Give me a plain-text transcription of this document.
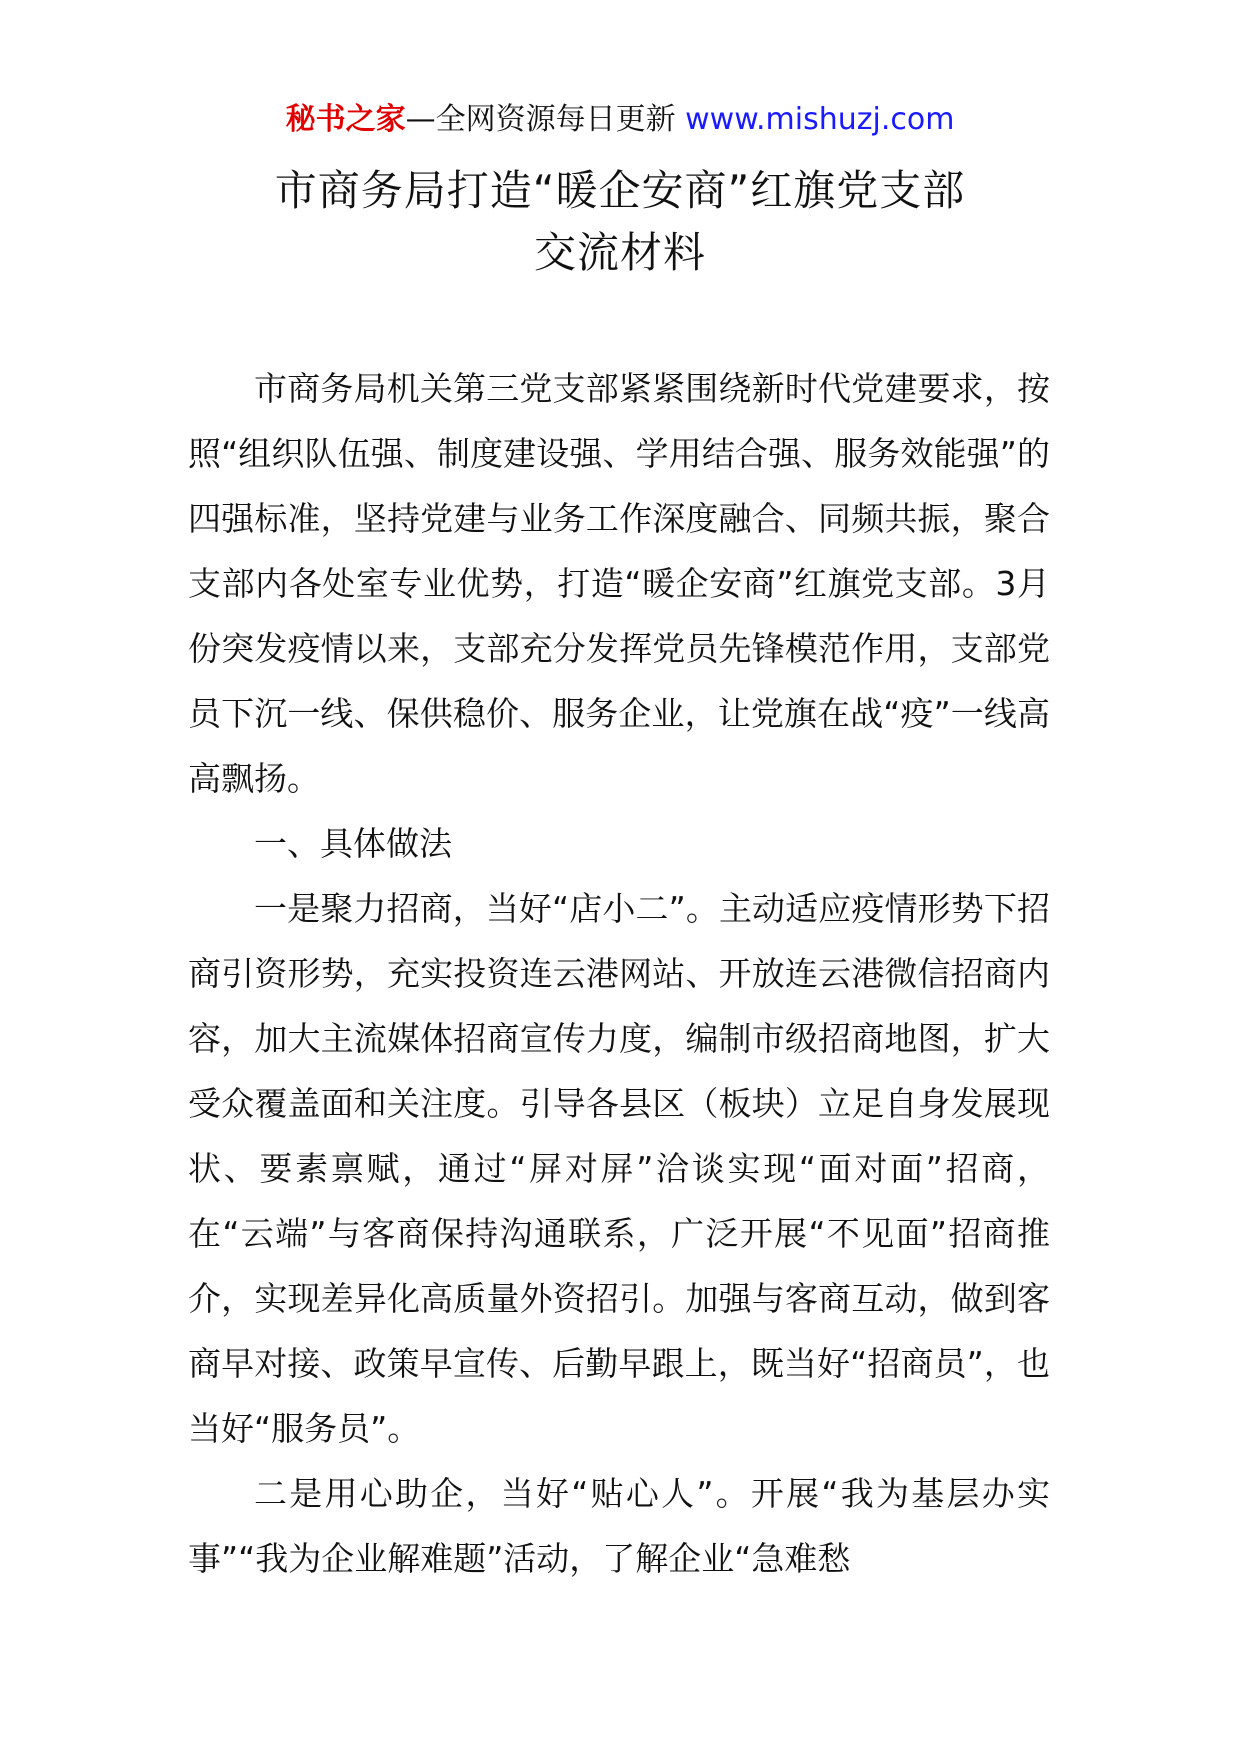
秘书之家—全网资源每日更新 www.mishuzj.com
市商务局打造“暖企安商”红旗党支部
交流材料

市商务局机关第三党支部紧紧围绕新时代党建要求，按照“组织队伍强、制度建设强、学用结合强、服务效能强”的四强标准，坚持党建与业务工作深度融合、同频共振，聚合支部内各处室专业优势，打造“暖企安商”红旗党支部。3月份突发疫情以来，支部充分发挥党员先锋模范作用，支部党员下沉一线、保供稳价、服务企业，让党旗在战“疫”一线高高飘扬。

一、具体做法

一是聚力招商，当好“店小二”。主动适应疫情形势下招商引资形势，充实投资连云港网站、开放连云港微信招商内容，加大主流媒体招商宣传力度，编制市级招商地图，扩大受众覆盖面和关注度。引导各县区（板块）立足自身发展现状、要素禀赋，通过“屏对屏”洽谈实现“面对面”招商，在“云端”与客商保持沟通联系，广泛开展“不见面”招商推介，实现差异化高质量外资招引。加强与客商互动，做到客商早对接、政策早宣传、后勤早跟上，既当好“招商员”，也当好“服务员”。

二是用心助企，当好“贴心人”。开展“我为基层办实事”“我为企业解难题”活动，了解企业“急难愁
